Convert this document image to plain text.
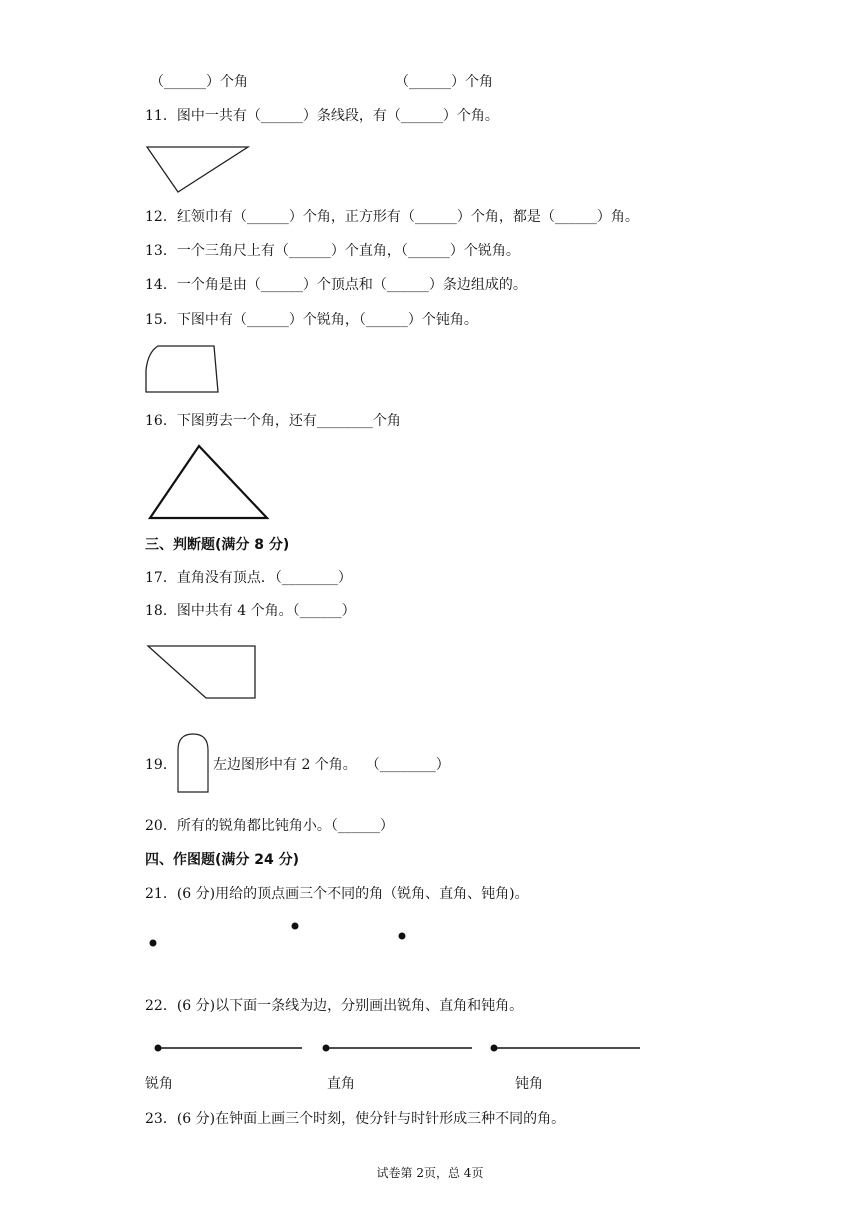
（______）个角	（______）个角
11．图中一共有（______）条线段，有（______）个角。
12．红领巾有（______）个角，正方形有（______）个角，都是（______）角。
13．一个三角尺上有（______）个直角，（______）个锐角。
14．一个角是由（______）个顶点和（______）条边组成的。
15．下图中有（______）个锐角，（______）个钝角。
16．下图剪去一个角，还有________个角
三、判断题(满分 8 分)
17．直角没有顶点．（________）
18．图中共有 4 个角。（______）
19．	左边图形中有 2 个角。  （________）
20．所有的锐角都比钝角小。（______）
四、作图题(满分 24 分)
21．(6 分)用给的顶点画三个不同的角（锐角、直角、钝角)。
22．(6 分)以下面一条线为边，分别画出锐角、直角和钝角。
锐角	直角	钝角
23．(6 分)在钟面上画三个时刻，使分针与时针形成三种不同的角。
试卷第 2页，总 4页
